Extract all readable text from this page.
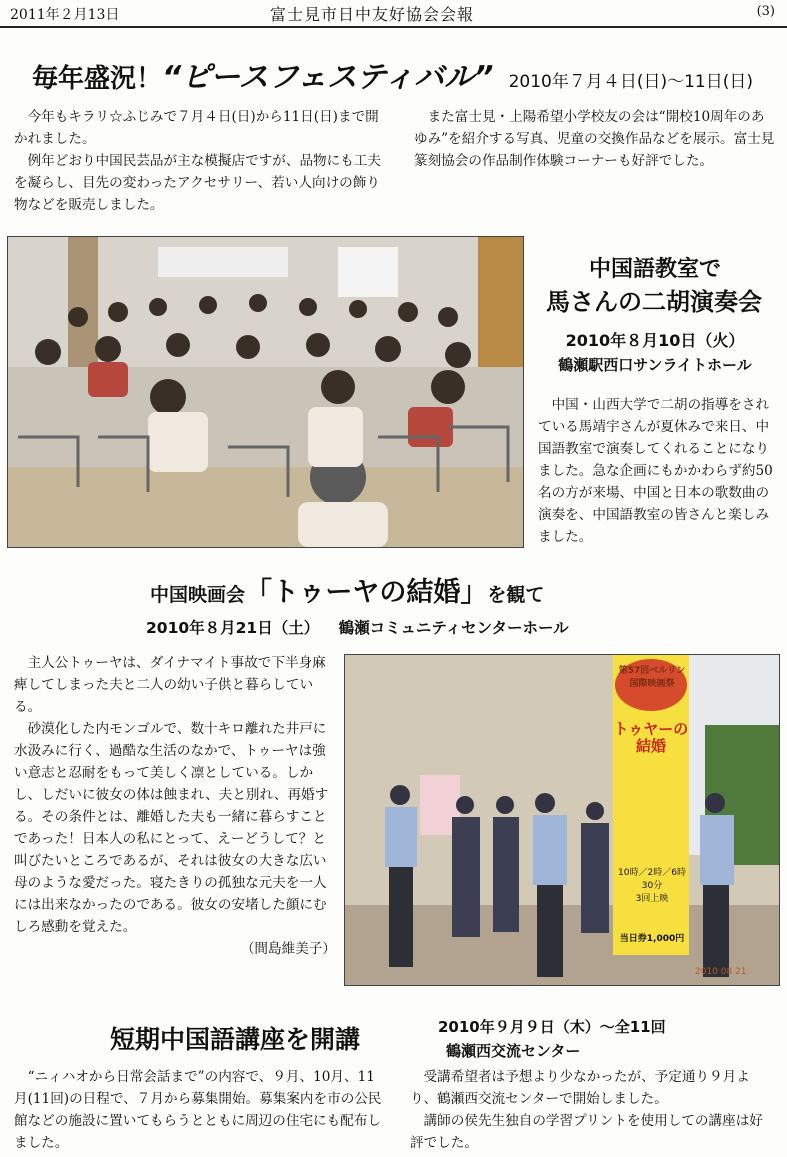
2011年２月13日	富士見市日中友好協会会報	(3)
毎年盛況！“ピースフェスティバル” 2010年７月４日(日)～11日(日)

今年もキラリ☆ふじみで７月４日(日)から11日(日)まで開かれました。

例年どおり中国民芸品が主な模擬店ですが、品物にも工夫を凝らし、目先の変わったアクセサリー、若い人向けの飾り物などを販売しました。

また富士見・上陽希望小学校友の会は“開校10周年のあゆみ”を紹介する写真、児童の交換作品などを展示。富士見篆刻協会の作品制作体験コーナーも好評でした。

中国語教室で
馬さんの二胡演奏会
2010年８月10日（火）
鶴瀬駅西口サンライトホール

中国・山西大学で二胡の指導をされている馬靖宇さんが夏休みで来日、中国語教室で演奏してくれることになりました。急な企画にもかかわらず約50名の方が来場、中国と日本の歌数曲の演奏を、中国語教室の皆さんと楽しみました。

中国映画会「トゥーヤの結婚」を観て
2010年８月21日（土） 鶴瀬コミュニティセンターホール

主人公トゥーヤは、ダイナマイト事故で下半身麻痺してしまった夫と二人の幼い子供と暮らしている。

砂漠化した内モンゴルで、数十キロ離れた井戸に水汲みに行く、過酷な生活のなかで、トゥーヤは強い意志と忍耐をもって美しく凛としている。しかし、しだいに彼女の体は蝕まれ、夫と別れ、再婚する。その条件とは、離婚した夫も一緒に暮らすことであった！日本人の私にとって、えーどうして？と叫びたいところであるが、それは彼女の大きな広い母のような愛だった。寝たきりの孤独な元夫を一人には出来なかったのである。彼女の安堵した顔にむしろ感動を覚えた。

（間島維美子）
第57回ベルリン国際映画祭
トゥヤーの結婚
10時／2時／6時30分
3回上映
当日券1,000円
2010 08 21
短期中国語講座を開講	2010年９月９日（木）～全11回
鶴瀬西交流センター

“ニィハオから日常会話まで”の内容で、９月、10月、11月(11回)の日程で、７月から募集開始。募集案内を市の公民館などの施設に置いてもらうとともに周辺の住宅にも配布しました。

受講希望者は予想より少なかったが、予定通り９月より、鶴瀬西交流センターで開始しました。

講師の侯先生独自の学習プリントを使用しての講座は好評でした。
